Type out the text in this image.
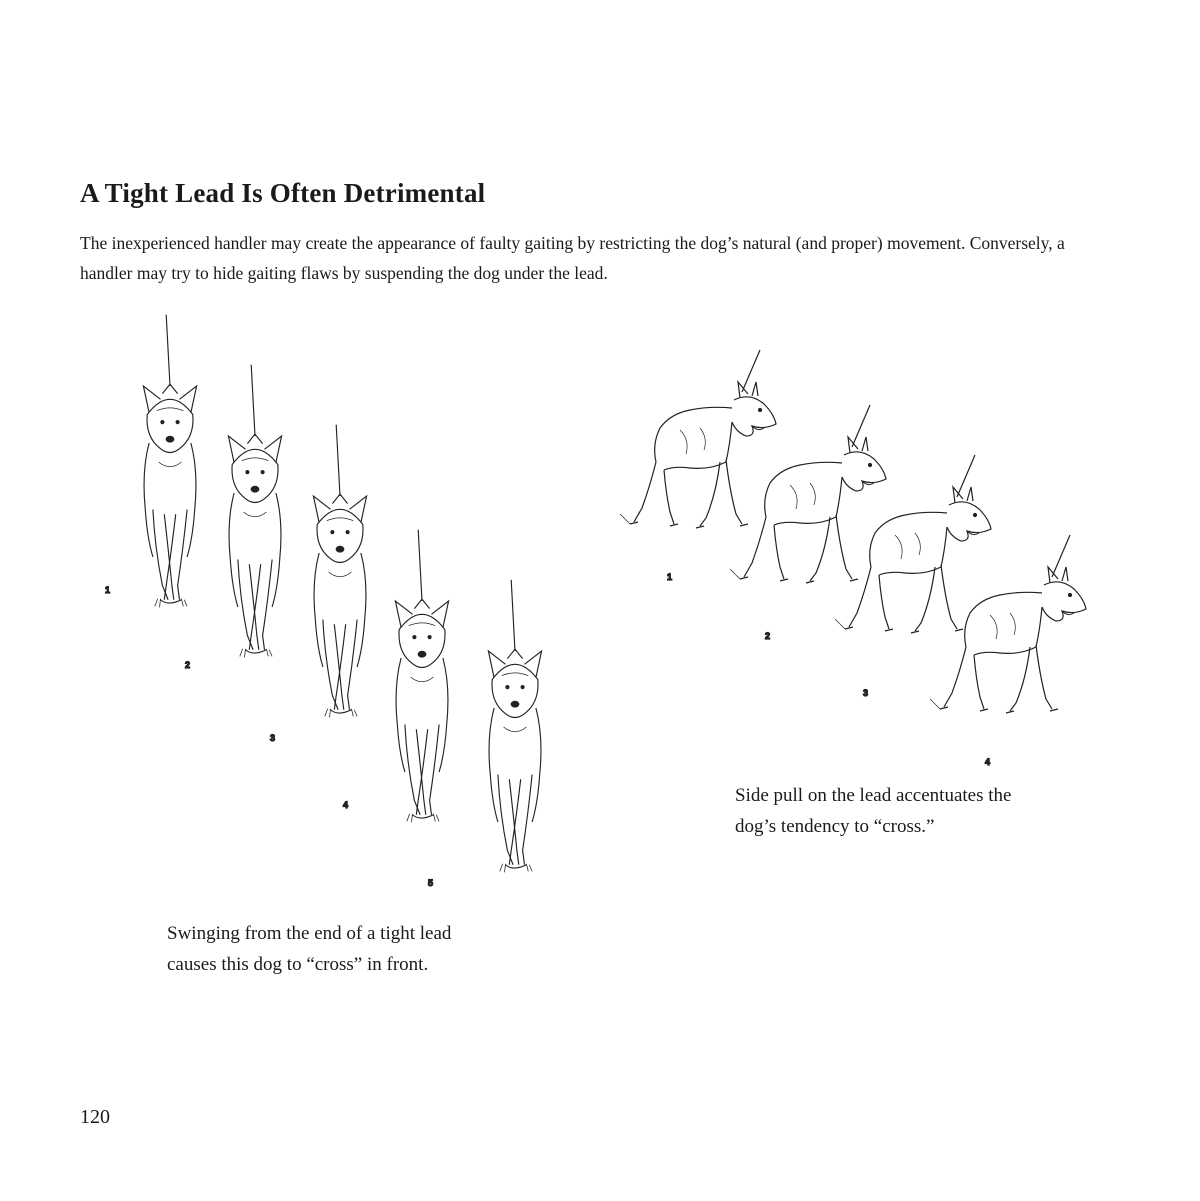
A Tight Lead Is Often Detrimental

The inexperienced handler may create the appearance of faulty gaiting by restricting the dog’s natural (and proper) movement. Conversely, a handler may try to hide gaiting flaws by suspending the dog under the lead.

1
2
3
4
5
1
2
3
4

Swinging from the end of a tight lead causes this dog to “cross” in front.

Side pull on the lead accentuates the dog’s tendency to “cross.”

120
